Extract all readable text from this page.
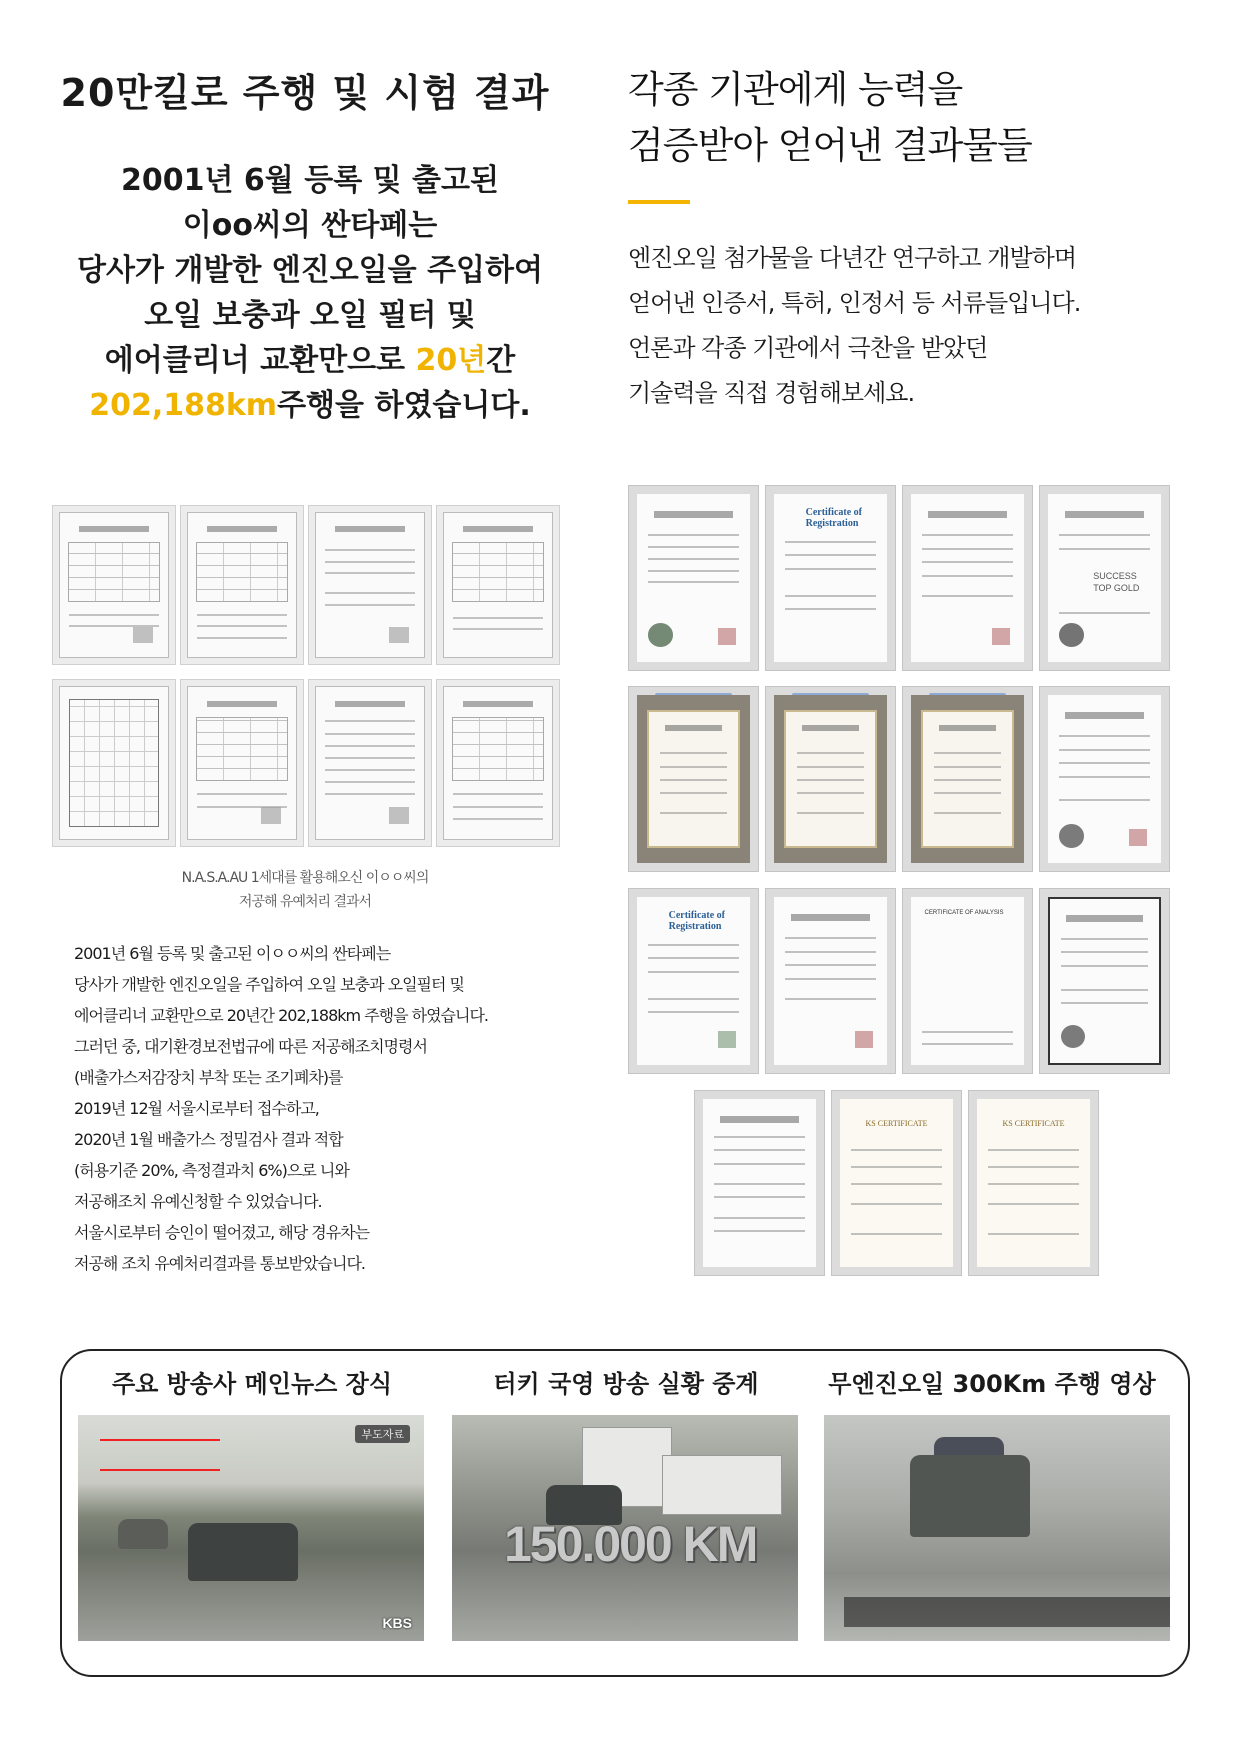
20만킬로 주행 및 시험 결과
2001년 6월 등록 및 출고된
이oo씨의 싼타페는
당사가 개발한 엔진오일을 주입하여
오일 보충과 오일 필터 및
에어클리너 교환만으로 20년간
202,188km주행을 하였습니다.
각종 기관에게 능력을
검증받아 얻어낸 결과물들
엔진오일 첨가물을 다년간 연구하고 개발하며
얻어낸 인증서, 특허, 인정서 등 서류들입니다.
언론과 각종 기관에서 극찬을 받았던
기술력을 직접 경험해보세요.
N.A.S.A.AU 1세대를 활용해오신 이ㅇㅇ씨의
저공해 유예처리 결과서
2001년 6월 등록 및 출고된 이ㅇㅇ씨의 싼타페는
당사가 개발한 엔진오일을 주입하여 오일 보충과 오일필터 및
에어클리너 교환만으로 20년간 202,188km 주행을 하였습니다.
그러던 중, 대기환경보전법규에 따른 저공해조치명령서
(배출가스저감장치 부착 또는 조기폐차)를
2019년 12월 서울시로부터 접수하고,
2020년 1월 배출가스 정밀검사 결과 적합
(허용기준 20%, 측정결과치 6%)으로 니와
저공해조치 유예신청할 수 있었습니다.
서울시로부터 승인이 떨어졌고, 해당 경유차는
저공해 조치 유예처리결과를 통보받았습니다.
Certificate of Registration
SUCCESS TOP GOLD
Certificate of Registration
CERTIFICATE OF ANALYSIS
KS CERTIFICATE	KS CERTIFICATE
주요 방송사 메인뉴스 장식	터키 국영 방송 실황 중계	무엔진오일 300Km 주행 영상
부도자료
KBS
150.000 KM
